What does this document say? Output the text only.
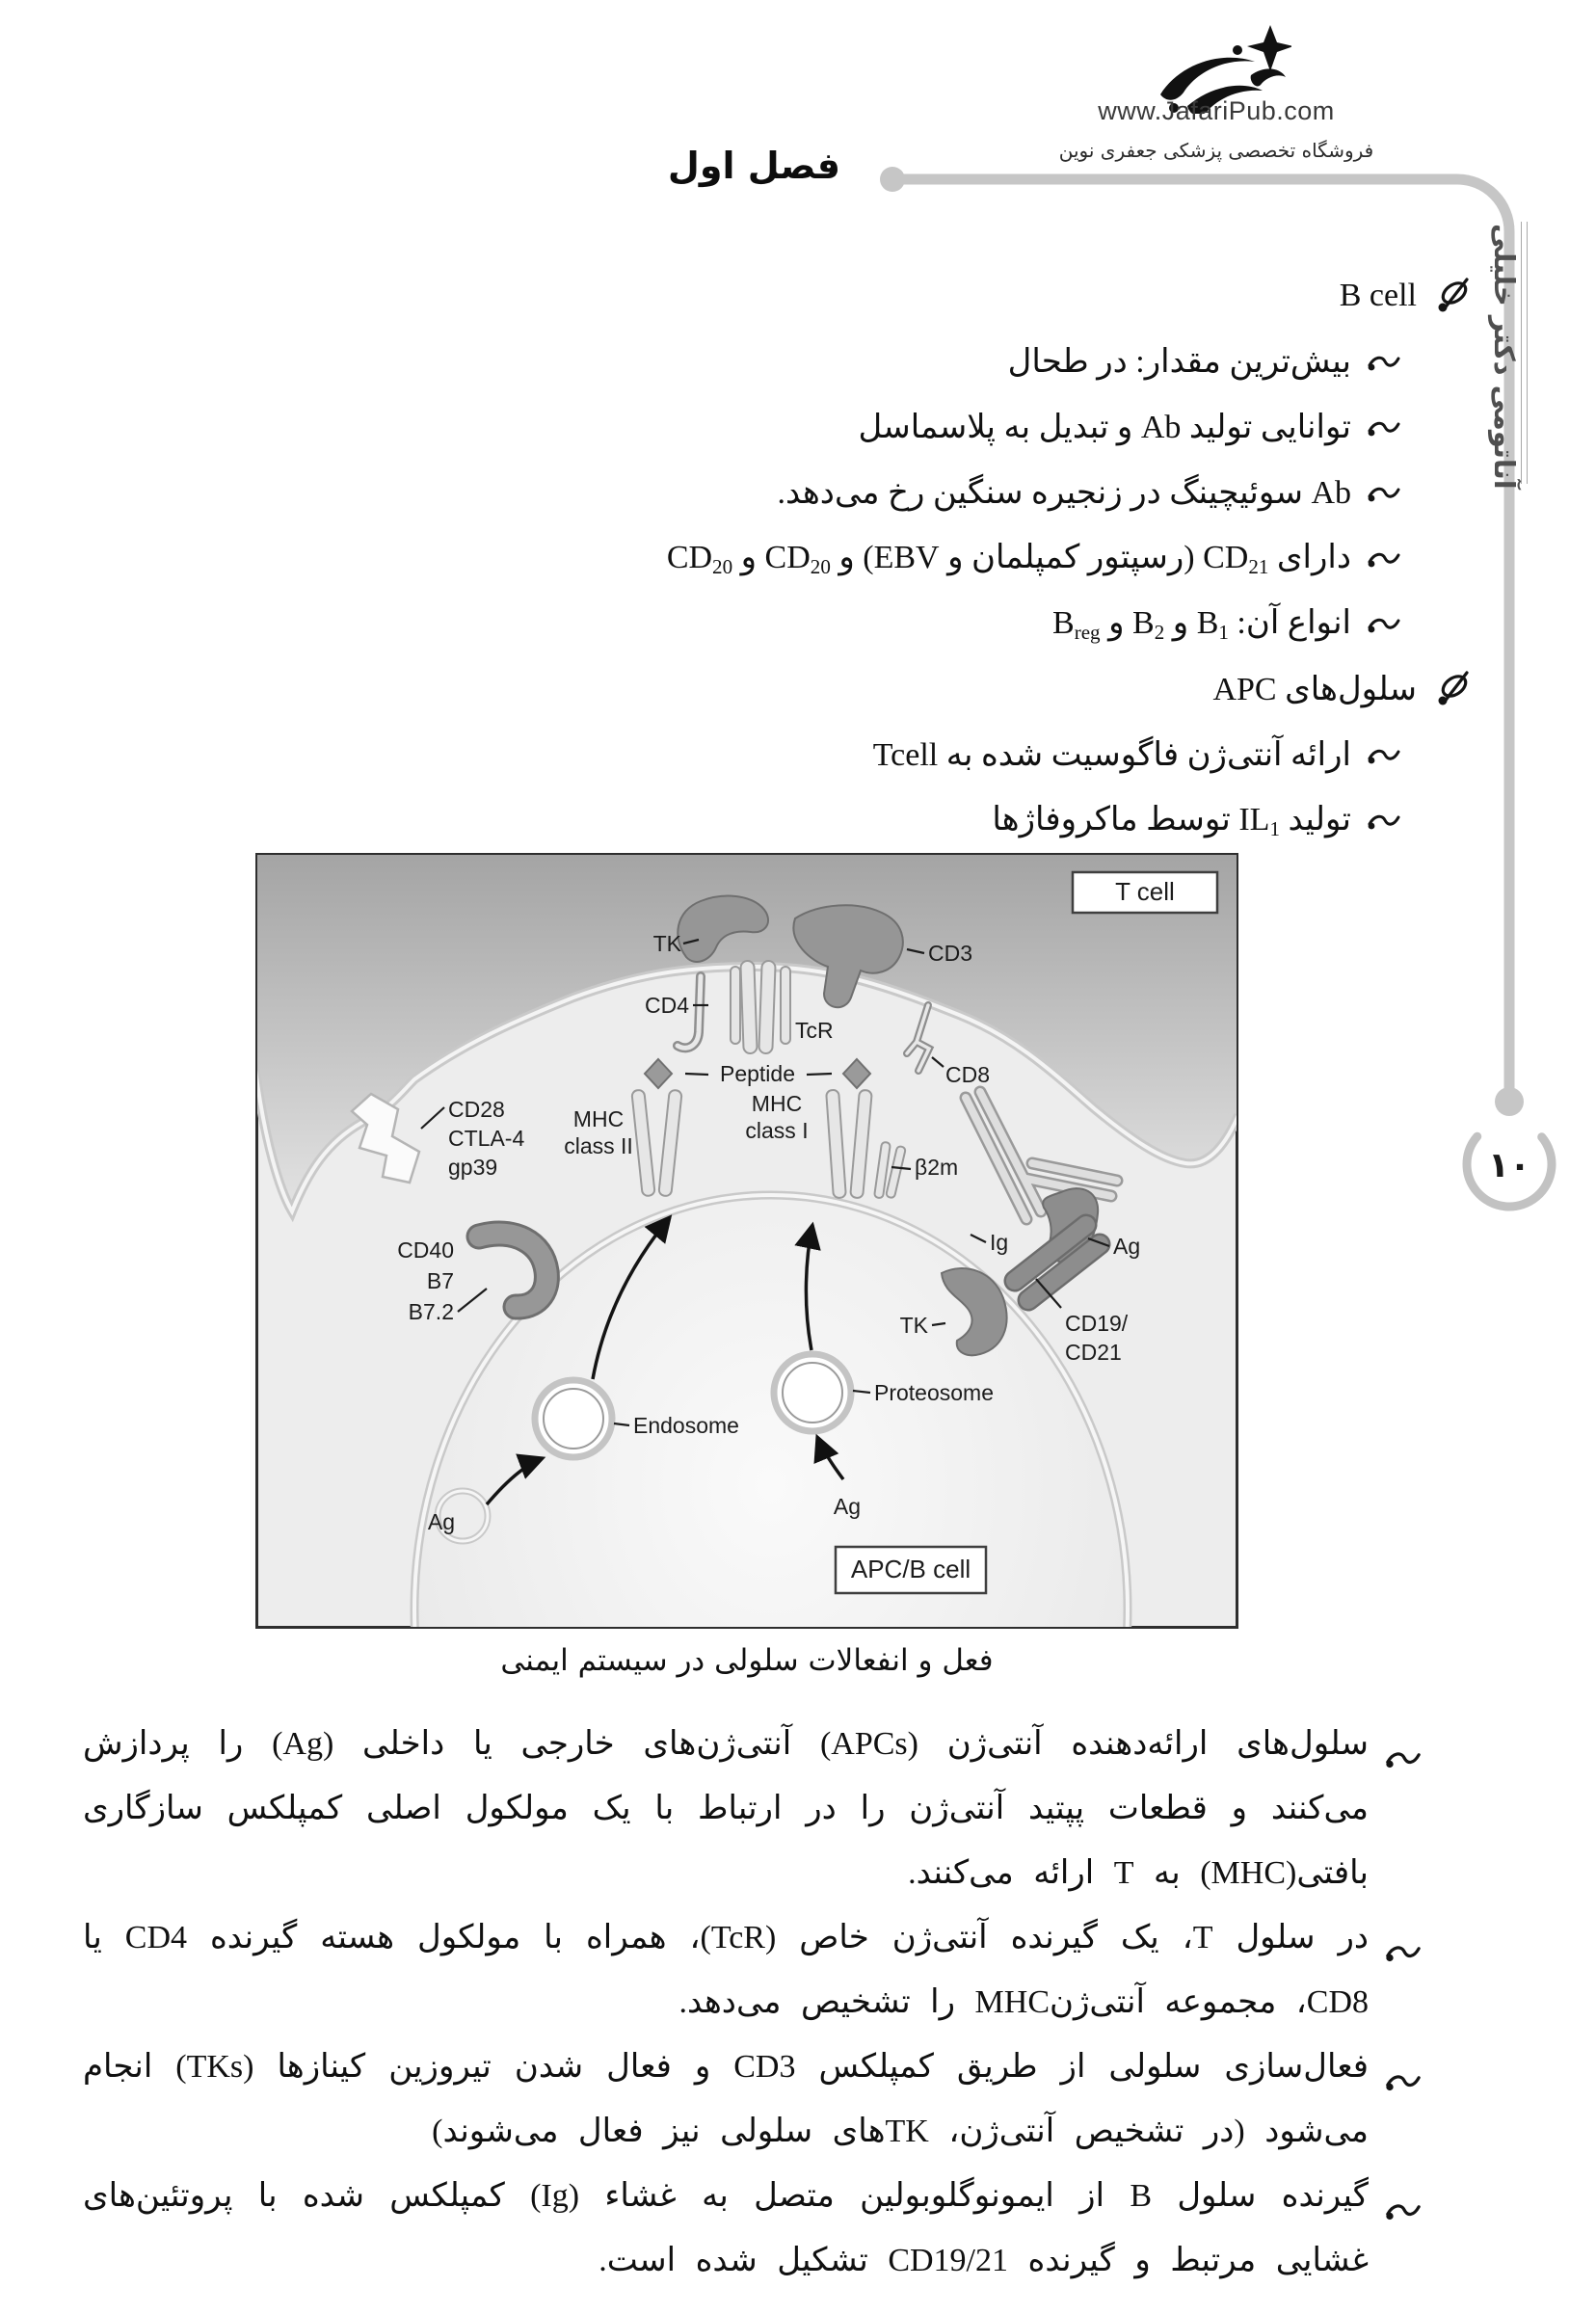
www.JafariPub.com
فروشگاه تخصصی پزشکی جعفری نوین
فصل اول
۱۰
آناتومی دکتر خلیلی
B cell
بیش‌ترین مقدار: در طحال
توانایی تولید Ab و تبدیل به پلاسماسل
Ab سوئیچینگ در زنجیره سنگین رخ می‌دهد.
دارای $CD_{21}$ (رسپتور کمپلمان و EBV) و $CD_{20}$ و $CD_{20}$
انواع آن: $B_1$ و $B_2$ و $B_{reg}$
سلول‌های APC
ارائه آنتی‌ژن فاگوسیت شده به Tcell
تولید $IL_1$ توسط ماکروفاژها
T cell
APC/B cell
TK	CD3
CD4
TcR
CD8
Peptide
MHC
class II
MHC
class I
β2m
CD28
CTLA-4
gp39
CD40
B7
B7.2
TK
Ig	Ag
CD19/
CD21
Endosome
Proteosome
Ag
Ag
فعل و انفعالات سلولی در سیستم ایمنی
سلول‌های ارائه‌دهنده آنتی‌ژن (APCs) آنتی‌ژن‌های خارجی یا داخلی (Ag) را پردازش می‌کنند و قطعات پپتید آنتی‌ژن را در ارتباط با یک مولکول اصلی کمپلکس سازگاری بافتی(MHC) به T ارائه می‌کنند.
در سلول T، یک گیرنده آنتی‌ژن خاص (TcR)، همراه با مولکول هسته گیرنده CD4 یا CD8، مجموعه آنتی‌ژنMHC را تشخیص می‌دهد.
فعال‌سازی سلولی از طریق کمپلکس CD3 و فعال شدن تیروزین کینازها (TKs) انجام می‌شود (در تشخیص آنتی‌ژن، TKهای سلولی نیز فعال می‌شوند)
گیرنده سلول B از ایمونوگلوبولین متصل به غشاء (Ig) کمپلکس شده با پروتئین‌های غشایی مرتبط و گیرنده CD19/21 تشکیل شده است.
